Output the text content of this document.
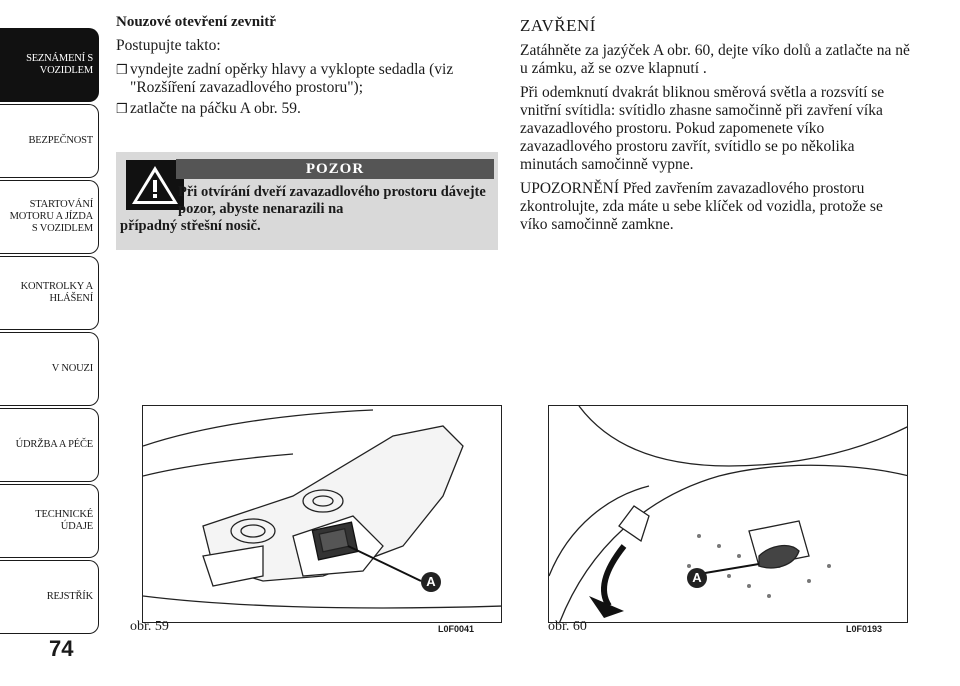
SEZNÁMENÍ S
VOZIDLEM
BEZPEČNOST
STARTOVÁNÍ
MOTORU A JÍZDA
S VOZIDLEM
KONTROLKY A
HLÁŠENÍ
V NOUZI
ÚDRŽBA A PÉČE
TECHNICKÉ
ÚDAJE
REJSTŘÍK
74

Nouzové otevření zevnitř

Postupujte takto:

❒ vyndejte zadní opěrky hlavy a vyklopte sedadla (viz "Rozšíření zavazadlového prostoru");
❒ zatlačte na páčku A obr. 59.
POZOR
Při otvírání dveří zavazadlového prostoru dávejte pozor, abyste nenarazili na
případný střešní nosič.

ZAVŘENÍ

Zatáhněte za jazýček A obr. 60, dejte víko dolů a zatlačte na ně u zámku, až se ozve klapnutí .

Při odemknutí dvakrát bliknou směrová světla a rozsvítí se vnitřní svítidla: svítidlo zhasne samočinně při zavření víka zavazadlového prostoru. Pokud zapomenete víko zavazadlového prostoru zavřít, svítidlo se po několika minutách samočinně vypne.

UPOZORNĚNÍ Před zavřením zavazadlového prostoru zkontrolujte, zda máte u sebe klíček od vozidla, protože se víko samočinně zamkne.

A
obr. 59	L0F0041
A
obr. 60	L0F0193
